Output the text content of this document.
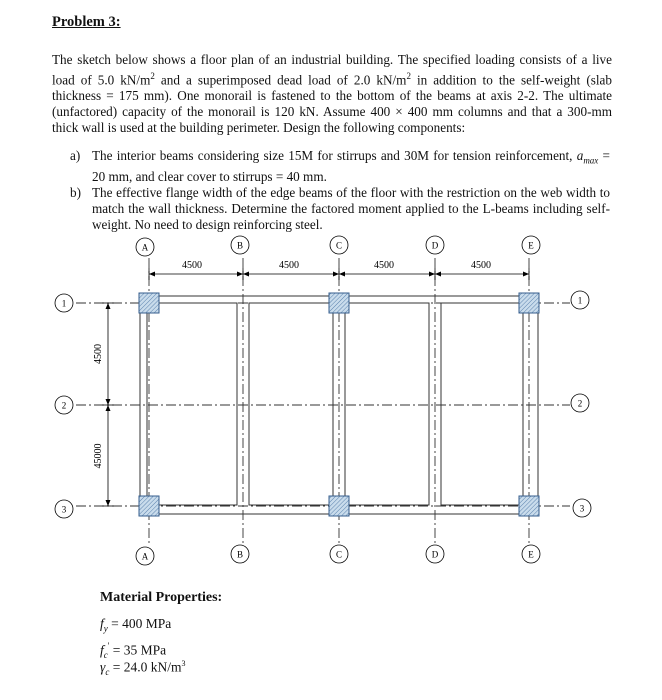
Problem 3:
The sketch below shows a floor plan of an industrial building. The specified loading consists of a live load of 5.0 $kN/m^2$ and a superimposed dead load of 2.0 $kN/m^2$ in addition to the self-weight (slab thickness = 175 mm). One monorail is fastened to the bottom of the beams at axis 2-2. The ultimate (unfactored) capacity of the monorail is 120 kN. Assume 400 × 400 mm columns and that a 300-mm thick wall is used at the building perimeter. Design the following components:
a) The interior beams considering size 15M for stirrups and 30M for tension reinforcement, $a_{max} = 20$ mm, and clear cover to stirrups = 40 mm.
b) The effective flange width of the edge beams of the floor with the restriction on the web width to match the wall thickness. Determine the factored moment applied to the L-beams including self-weight. No need to design reinforcing steel.
4500	4500	4500	4500
4500
45000
A	B	C	D	E
A	B	C	D	E
1
2
3
1
2
3
Material Properties:
$f_y = 400$ MPa
$f_c' = 35$ MPa
$\gamma_c = 24.0$ $kN/m^3$
